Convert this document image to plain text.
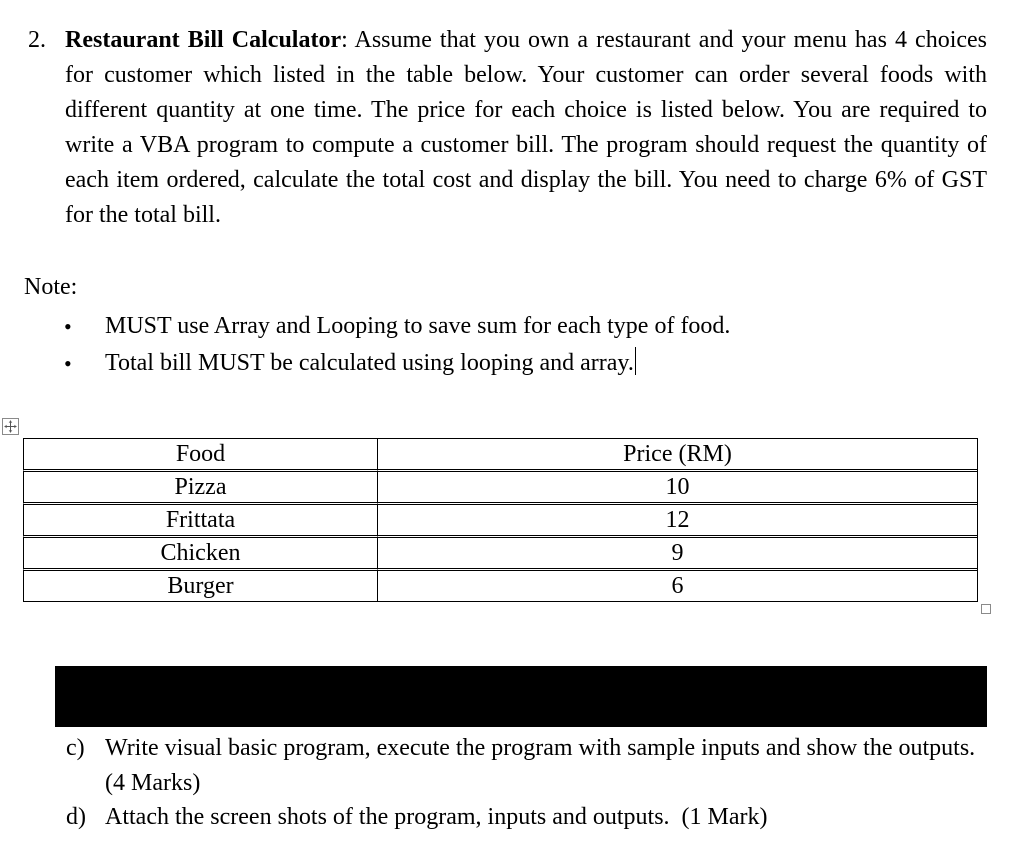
2. Restaurant Bill Calculator: Assume that you own a restaurant and your menu has 4 choices for customer which listed in the table below. Your customer can order several foods with different quantity at one time. The price for each choice is listed below. You are required to write a VBA program to compute a customer bill. The program should request the quantity of each item ordered, calculate the total cost and display the bill. You need to charge 6% of GST for the total bill.
Note:
• MUST use Array and Looping to save sum for each type of food.
• Total bill MUST be calculated using looping and array.
Food	Price (RM)
Pizza	10
Frittata	12
Chicken	9
Burger	6
c) Write visual basic program, execute the program with sample inputs and show the outputs. (4 Marks)
d) Attach the screen shots of the program, inputs and outputs.  (1 Mark)
